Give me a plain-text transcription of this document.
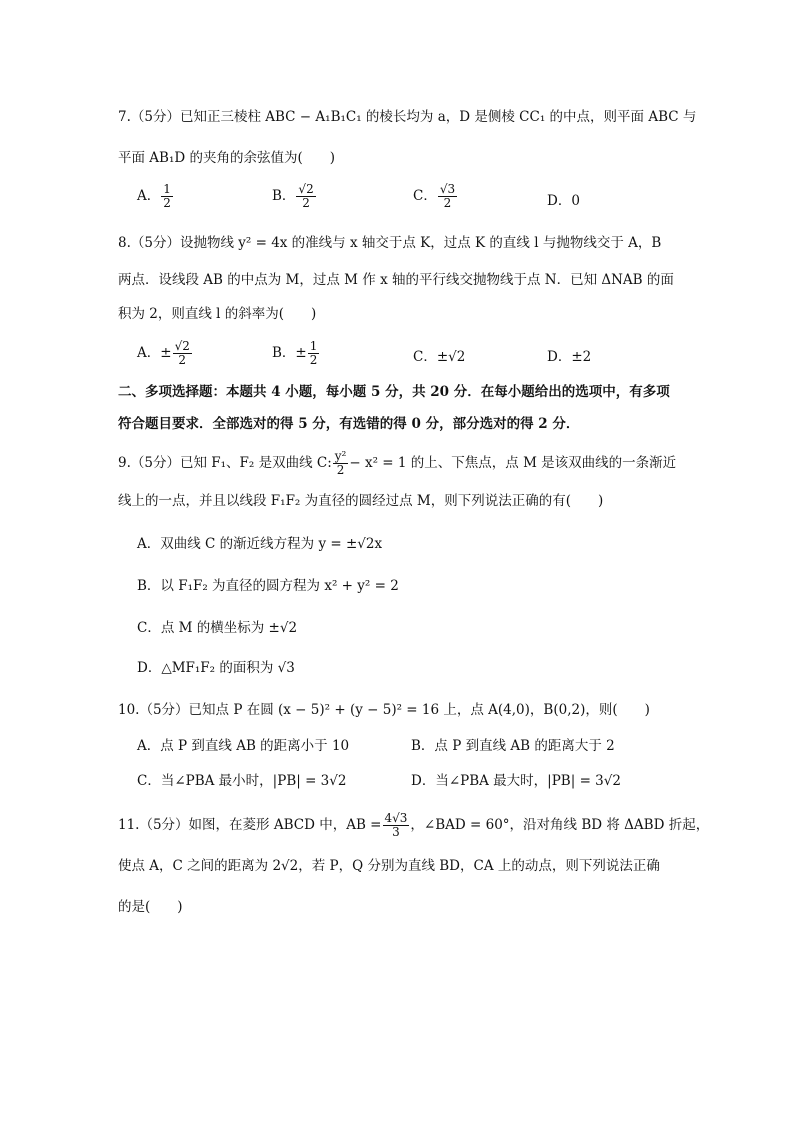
7.（5分）已知正三棱柱 ABC − A₁B₁C₁ 的棱长均为 a，D 是侧棱 CC₁ 的中点，则平面 ABC 与
平面 AB₁D 的夹角的余弦值为(　　)
A． $\frac{1}{2}$	B． $\frac{√2}{2}$	C． $\frac{√3}{2}$	D．0
8.（5分）设抛物线 y² = 4x 的准线与 x 轴交于点 K，过点 K 的直线 l 与抛物线交于 A，B
两点．设线段 AB 的中点为 M，过点 M 作 x 轴的平行线交抛物线于点 N．已知 ΔNAB 的面
积为 2，则直线 l 的斜率为(　　)
A．± $\frac{√2}{2}$	B．± $\frac{1}{2}$	C．±√2	D．±2
二、多项选择题：本题共 4 小题，每小题 5 分，共 20 分．在每小题给出的选项中，有多项
符合题目要求．全部选对的得 5 分，有选错的得 0 分，部分选对的得 2 分．
9.（5分）已知 F₁、F₂ 是双曲线 C: $\frac{\text{y²}}{2} - x^2 = 1$ 的上、下焦点，点 M 是该双曲线的一条渐近
线上的一点，并且以线段 F₁F₂ 为直径的圆经过点 M，则下列说法正确的有(　　)
A．双曲线 C 的渐近线方程为 y = ±√2x
B．以 F₁F₂ 为直径的圆方程为 x² + y² = 2
C．点 M 的横坐标为 ±√2
D．△MF₁F₂ 的面积为 √3
10.（5分）已知点 P 在圆 (x − 5)² + (y − 5)² = 16 上，点 A(4,0)，B(0,2)，则(　　)
A．点 P 到直线 AB 的距离小于 10	B．点 P 到直线 AB 的距离大于 2
C．当∠PBA 最小时，|PB| = 3√2	D．当∠PBA 最大时，|PB| = 3√2
11.（5分）如图，在菱形 ABCD 中，AB = $\frac{4√3}{3}$ ，∠BAD = 60°，沿对角线 BD 将 ΔABD 折起，
使点 A，C 之间的距离为 2√2，若 P，Q 分别为直线 BD，CA 上的动点，则下列说法正确
的是(　　)
